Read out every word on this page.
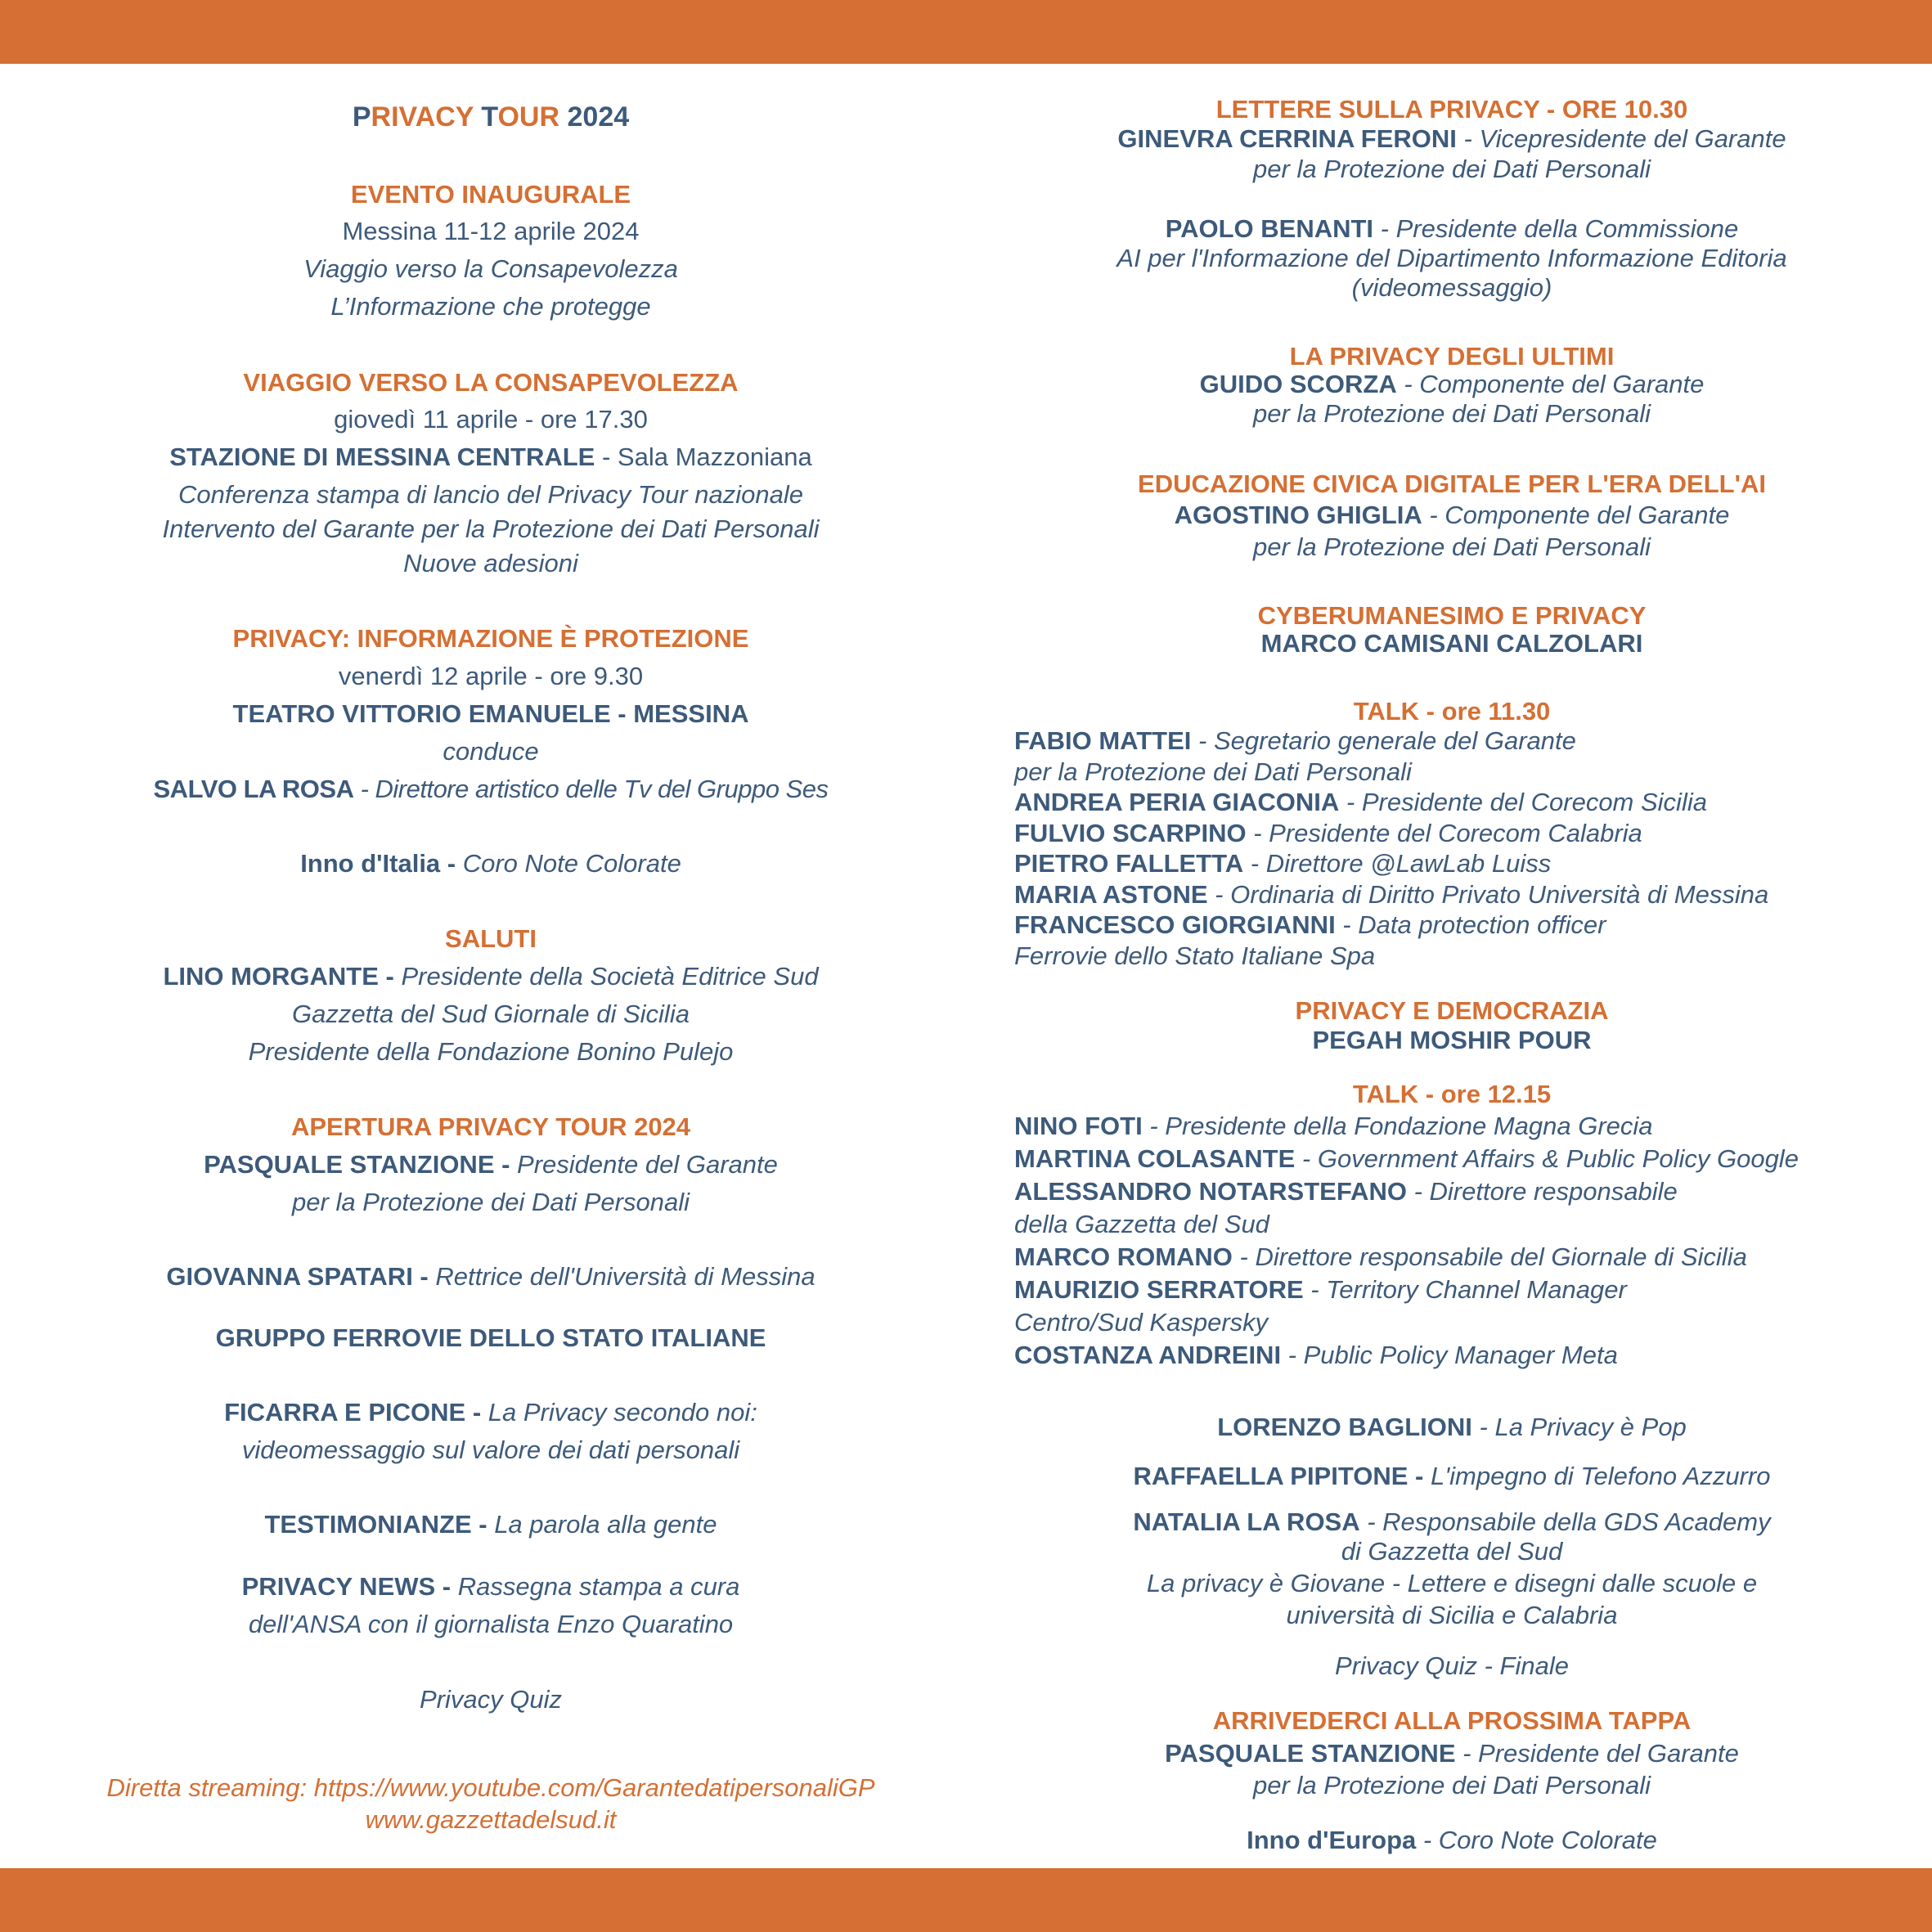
PRIVACY TOUR 2024
EVENTO INAUGURALE
Messina 11-12 aprile 2024
Viaggio verso la Consapevolezza
L’Informazione che protegge
VIAGGIO VERSO LA CONSAPEVOLEZZA
giovedì 11 aprile - ore 17.30
STAZIONE DI MESSINA CENTRALE - Sala Mazzoniana
Conferenza stampa di lancio del Privacy Tour nazionale
Intervento del Garante per la Protezione dei Dati Personali
Nuove adesioni
PRIVACY: INFORMAZIONE È PROTEZIONE
venerdì 12 aprile - ore 9.30
TEATRO VITTORIO EMANUELE - MESSINA
conduce
SALVO LA ROSA - Direttore artistico delle Tv del Gruppo Ses
Inno d'Italia - Coro Note Colorate
SALUTI
LINO MORGANTE - Presidente della Società Editrice Sud
Gazzetta del Sud Giornale di Sicilia
Presidente della Fondazione Bonino Pulejo
APERTURA PRIVACY TOUR 2024
PASQUALE STANZIONE - Presidente del Garante
per la Protezione dei Dati Personali
GIOVANNA SPATARI - Rettrice dell'Università di Messina
GRUPPO FERROVIE DELLO STATO ITALIANE
FICARRA E PICONE - La Privacy secondo noi:
videomessaggio sul valore dei dati personali
TESTIMONIANZE - La parola alla gente
PRIVACY NEWS - Rassegna stampa a cura
dell'ANSA con il giornalista Enzo Quaratino
Privacy Quiz
Diretta streaming: https://www.youtube.com/GarantedatipersonaliGP
www.gazzettadelsud.it
LETTERE SULLA PRIVACY - ORE 10.30
GINEVRA CERRINA FERONI - Vicepresidente del Garante
per la Protezione dei Dati Personali
PAOLO BENANTI - Presidente della Commissione
AI per l'Informazione del Dipartimento Informazione Editoria
(videomessaggio)
LA PRIVACY DEGLI ULTIMI
GUIDO SCORZA - Componente del Garante
per la Protezione dei Dati Personali
EDUCAZIONE CIVICA DIGITALE PER L'ERA DELL'AI
AGOSTINO GHIGLIA - Componente del Garante
per la Protezione dei Dati Personali
CYBERUMANESIMO E PRIVACY
MARCO CAMISANI CALZOLARI
TALK - ore 11.30
FABIO MATTEI - Segretario generale del Garante
per la Protezione dei Dati Personali
ANDREA PERIA GIACONIA - Presidente del Corecom Sicilia
FULVIO SCARPINO - Presidente del Corecom Calabria
PIETRO FALLETTA - Direttore @LawLab Luiss
MARIA ASTONE - Ordinaria di Diritto Privato Università di Messina
FRANCESCO GIORGIANNI - Data protection officer
Ferrovie dello Stato Italiane Spa
PRIVACY E DEMOCRAZIA
PEGAH MOSHIR POUR
TALK - ore 12.15
NINO FOTI - Presidente della Fondazione Magna Grecia
MARTINA COLASANTE - Government Affairs & Public Policy Google
ALESSANDRO NOTARSTEFANO - Direttore responsabile
della Gazzetta del Sud
MARCO ROMANO - Direttore responsabile del Giornale di Sicilia
MAURIZIO SERRATORE - Territory Channel Manager
Centro/Sud Kaspersky
COSTANZA ANDREINI - Public Policy Manager Meta
LORENZO BAGLIONI - La Privacy è Pop
RAFFAELLA PIPITONE - L'impegno di Telefono Azzurro
NATALIA LA ROSA - Responsabile della GDS Academy
di Gazzetta del Sud
La privacy è Giovane - Lettere e disegni dalle scuole e
università di Sicilia e Calabria
Privacy Quiz - Finale
ARRIVEDERCI ALLA PROSSIMA TAPPA
PASQUALE STANZIONE - Presidente del Garante
per la Protezione dei Dati Personali
Inno d'Europa - Coro Note Colorate
